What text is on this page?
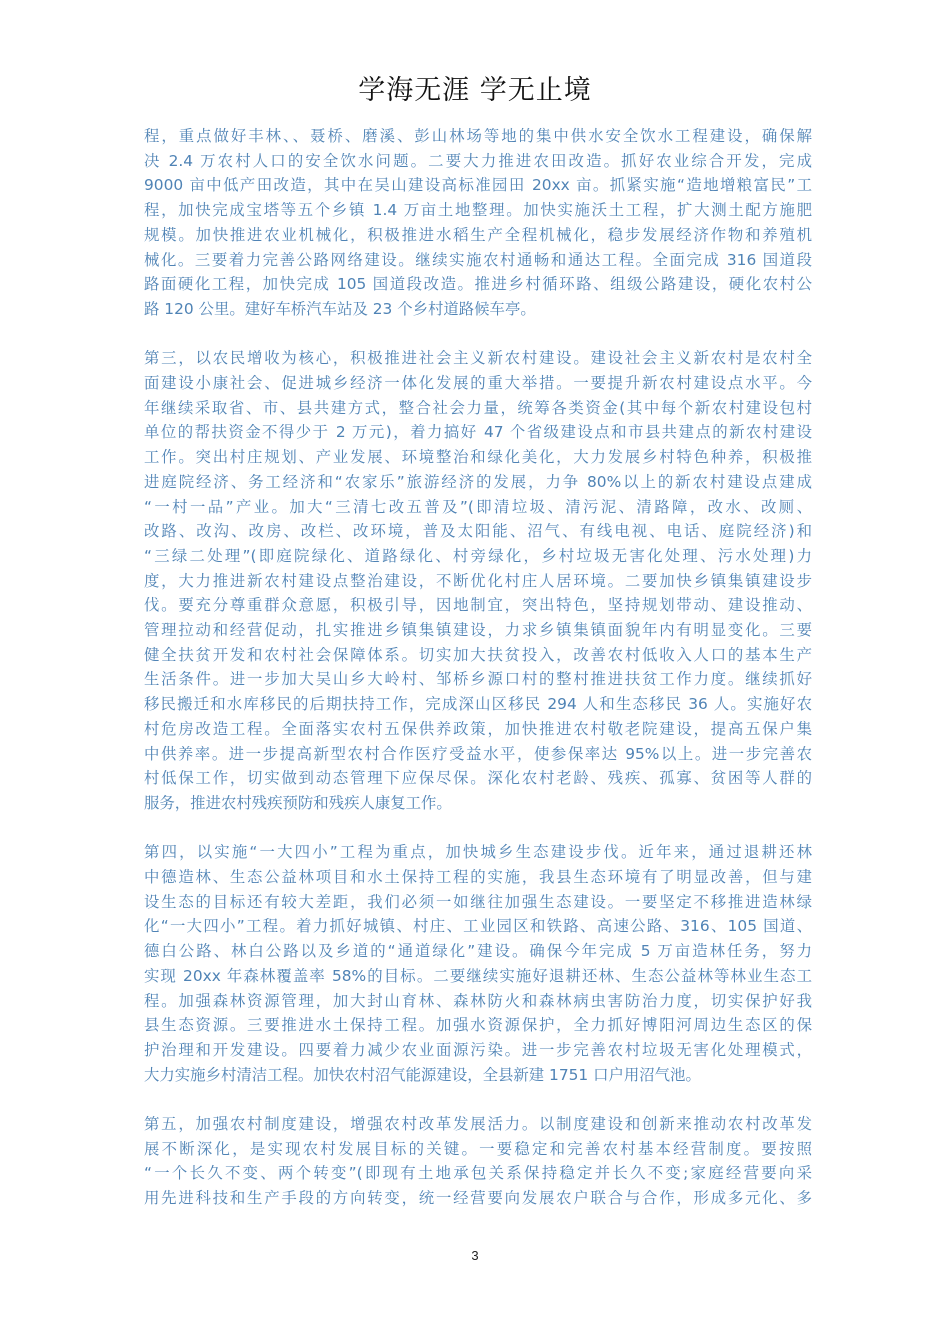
学海无涯 学无止境
程，重点做好丰林、、聂桥、磨溪、彭山林场等地的集中供水安全饮水工程建设，确保解
决 2.4 万农村人口的安全饮水问题。二要大力推进农田改造。抓好农业综合开发，完成
9000 亩中低产田改造，其中在吴山建设高标准园田 20xx 亩。抓紧实施“造地增粮富民”工
程，加快完成宝塔等五个乡镇 1.4 万亩土地整理。加快实施沃土工程，扩大测土配方施肥
规模。加快推进农业机械化，积极推进水稻生产全程机械化，稳步发展经济作物和养殖机
械化。三要着力完善公路网络建设。继续实施农村通畅和通达工程。全面完成 316 国道段
路面硬化工程，加快完成 105 国道段改造。推进乡村循环路、组级公路建设，硬化农村公
路 120 公里。建好车桥汽车站及 23 个乡村道路候车亭。
第三，以农民增收为核心，积极推进社会主义新农村建设。建设社会主义新农村是农村全
面建设小康社会、促进城乡经济一体化发展的重大举措。一要提升新农村建设点水平。今
年继续采取省、市、县共建方式，整合社会力量，统筹各类资金(其中每个新农村建设包村
单位的帮扶资金不得少于 2 万元)，着力搞好 47 个省级建设点和市县共建点的新农村建设
工作。突出村庄规划、产业发展、环境整治和绿化美化，大力发展乡村特色种养，积极推
进庭院经济、务工经济和“农家乐”旅游经济的发展，力争 80%以上的新农村建设点建成
“一村一品”产业。加大“三清七改五普及”(即清垃圾、清污泥、清路障，改水、改厕、
改路、改沟、改房、改栏、改环境，普及太阳能、沼气、有线电视、电话、庭院经济)和
“三绿二处理”(即庭院绿化、道路绿化、村旁绿化，乡村垃圾无害化处理、污水处理)力
度，大力推进新农村建设点整治建设，不断优化村庄人居环境。二要加快乡镇集镇建设步
伐。要充分尊重群众意愿，积极引导，因地制宜，突出特色，坚持规划带动、建设推动、
管理拉动和经营促动，扎实推进乡镇集镇建设，力求乡镇集镇面貌年内有明显变化。三要
健全扶贫开发和农村社会保障体系。切实加大扶贫投入，改善农村低收入人口的基本生产
生活条件。进一步加大吴山乡大岭村、邹桥乡源口村的整村推进扶贫工作力度。继续抓好
移民搬迁和水库移民的后期扶持工作，完成深山区移民 294 人和生态移民 36 人。实施好农
村危房改造工程。全面落实农村五保供养政策，加快推进农村敬老院建设，提高五保户集
中供养率。进一步提高新型农村合作医疗受益水平，使参保率达 95%以上。进一步完善农
村低保工作，切实做到动态管理下应保尽保。深化农村老龄、残疾、孤寡、贫困等人群的
服务，推进农村残疾预防和残疾人康复工作。
第四，以实施“一大四小”工程为重点，加快城乡生态建设步伐。近年来，通过退耕还林
中德造林、生态公益林项目和水土保持工程的实施，我县生态环境有了明显改善，但与建
设生态的目标还有较大差距，我们必须一如继往加强生态建设。一要坚定不移推进造林绿
化“一大四小”工程。着力抓好城镇、村庄、工业园区和铁路、高速公路、316、105 国道、
德白公路、林白公路以及乡道的“通道绿化”建设。确保今年完成 5 万亩造林任务，努力
实现 20xx 年森林覆盖率 58%的目标。二要继续实施好退耕还林、生态公益林等林业生态工
程。加强森林资源管理，加大封山育林、森林防火和森林病虫害防治力度，切实保护好我
县生态资源。三要推进水土保持工程。加强水资源保护，全力抓好博阳河周边生态区的保
护治理和开发建设。四要着力减少农业面源污染。进一步完善农村垃圾无害化处理模式，
大力实施乡村清洁工程。加快农村沼气能源建设，全县新建 1751 口户用沼气池。
第五，加强农村制度建设，增强农村改革发展活力。以制度建设和创新来推动农村改革发
展不断深化，是实现农村发展目标的关键。一要稳定和完善农村基本经营制度。要按照
“一个长久不变、两个转变”(即现有土地承包关系保持稳定并长久不变;家庭经营要向采
用先进科技和生产手段的方向转变，统一经营要向发展农户联合与合作，形成多元化、多
3
